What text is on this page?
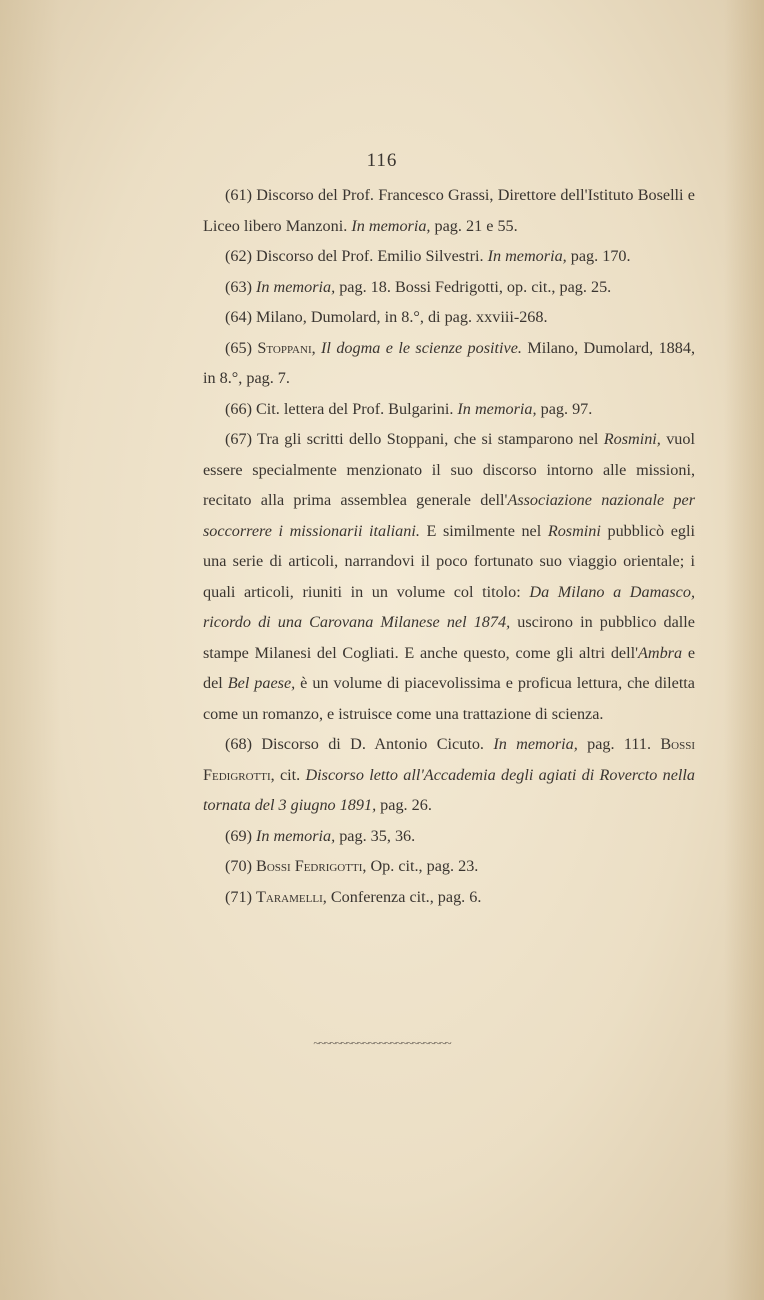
116

(61) Discorso del Prof. Francesco Grassi, Direttore dell'Istituto Boselli e Liceo libero Manzoni. In memoria, pag. 21 e 55.

(62) Discorso del Prof. Emilio Silvestri. In memoria, pag. 170.

(63) In memoria, pag. 18. Bossi Fedrigotti, op. cit., pag. 25.

(64) Milano, Dumolard, in 8.°, di pag. xxviii-268.

(65) Stoppani, Il dogma e le scienze positive. Milano, Dumolard, 1884, in 8.°, pag. 7.

(66) Cit. lettera del Prof. Bulgarini. In memoria, pag. 97.

(67) Tra gli scritti dello Stoppani, che si stamparono nel Rosmini, vuol essere specialmente menzionato il suo discorso intorno alle missioni, recitato alla prima assemblea generale dell'Associazione nazionale per soccorrere i missionarii italiani. E similmente nel Rosmini pubblicò egli una serie di articoli, narrandovi il poco fortunato suo viaggio orientale; i quali articoli, riuniti in un volume col titolo: Da Milano a Damasco, ricordo di una Carovana Milanese nel 1874, uscirono in pubblico dalle stampe Milanesi del Cogliati. E anche questo, come gli altri dell'Ambra e del Bel paese, è un volume di piacevolissima e proficua lettura, che diletta come un romanzo, e istruisce come una trattazione di scienza.

(68) Discorso di D. Antonio Cicuto. In memoria, pag. 111. Bossi Fedigrotti, cit. Discorso letto all'Accademia degli agiati di Rovercto nella tornata del 3 giugno 1891, pag. 26.

(69) In memoria, pag. 35, 36.

(70) Bossi Fedrigotti, Op. cit., pag. 23.

(71) Taramelli, Conferenza cit., pag. 6.

~~~~~~~~~~~~~~~~~~~~~~~~~
